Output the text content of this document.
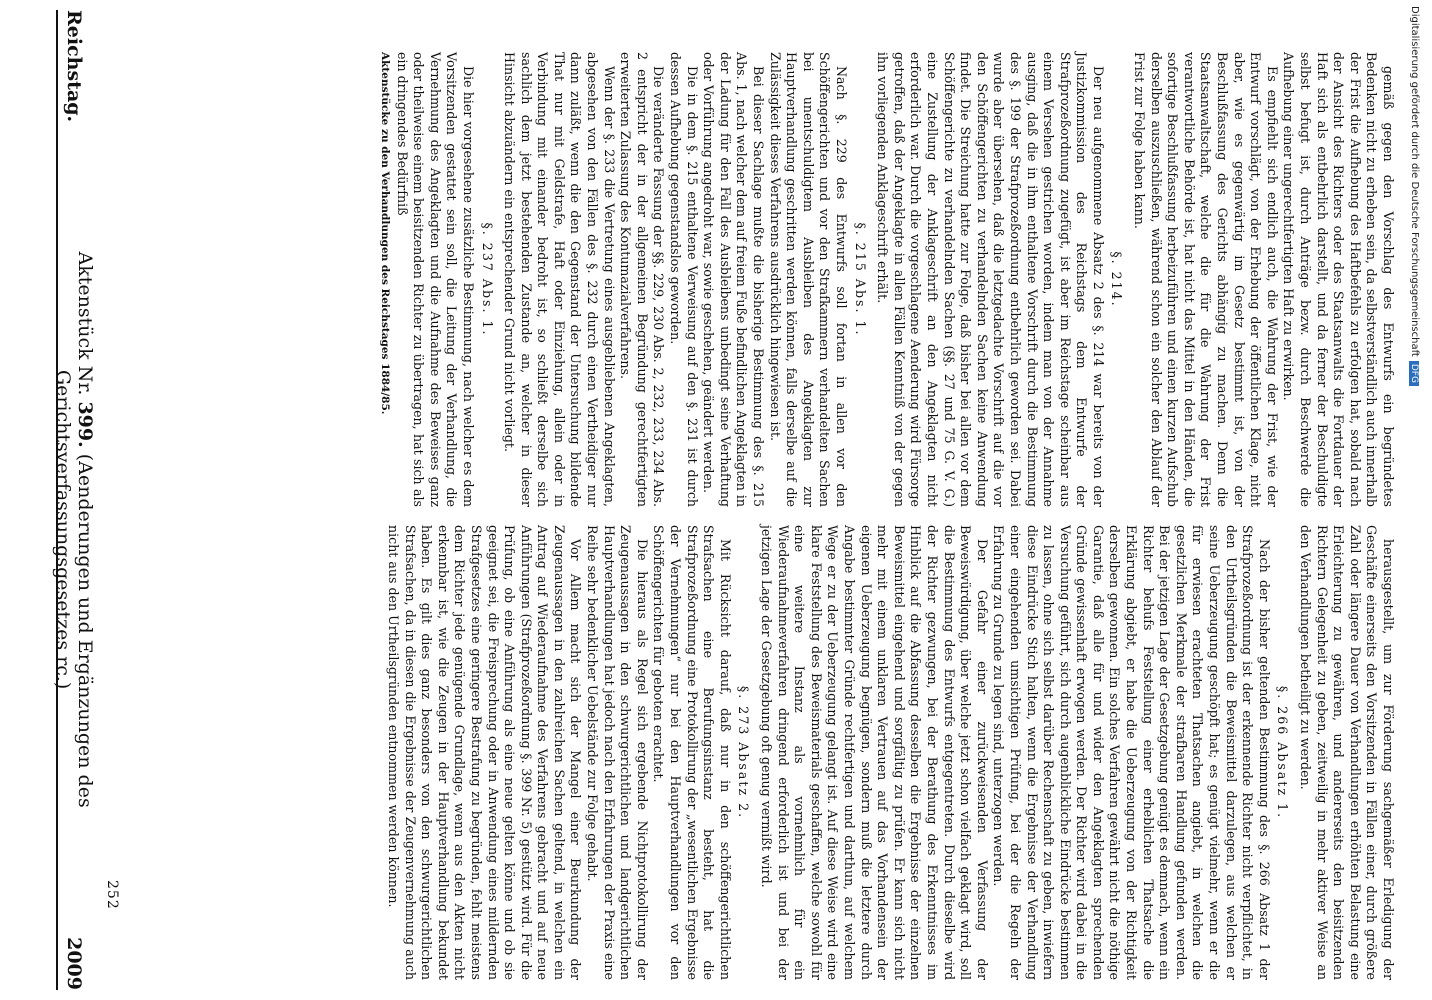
Digitalisierung gefördert durch die Deutsche ForschungsgemeinschaftDFG

gemäß gegen den Vorschlag des Entwurfs ein begründetes Bedenken nicht zu erheben sein, da selbstverständlich auch innerhalb der Frist die Aufhebung des Haftbefehls zu erfolgen hat, sobald nach der Ansicht des Richters oder des Staatsanwalts die Fortdauer der Haft sich als entbehrlich darstellt, und da ferner der Beschuldigte selbst befugt ist, durch Anträge bezw. durch Beschwerde die Aufhebung einer ungerechtfertigten Haft zu erwirken.

Es empfiehlt sich endlich auch, die Wahrung der Frist, wie der Entwurf vorschlägt, von der Erhebung der öffentlichen Klage, nicht aber, wie es gegenwärtig im Gesetz bestimmt ist, von der Beschlußfassung des Gerichts abhängig zu machen. Denn die Staatsanwaltschaft, welche die für die Wahrung der Frist verantwortliche Behörde ist, hat nicht das Mittel in den Händen, die sofortige Beschlußfassung herbeizuführen und einen kurzen Aufschub derselben auszuschließen, während schon ein solcher den Ablauf der Frist zur Folge haben kann.

§. 214.

Der neu aufgenommene Absatz 2 des §. 214 war bereits von der Justizkommission des Reichstags dem Entwurfe der Strafprozeßordnung zugefügt, ist aber im Reichstage scheinbar aus einem Versehen gestrichen worden, indem man von der Annahme ausging, daß die in ihm enthaltene Vorschrift durch die Bestimmung des §. 199 der Strafprozeßordnung entbehrlich geworden sei. Dabei wurde aber übersehen, daß die letztgedachte Vorschrift auf die vor den Schöffengerichten zu verhandelnden Sachen keine Anwendung findet. Die Streichung hatte zur Folge, daß bisher bei allen vor dem Schöffengerichte zu verhandelnden Sachen (§§. 27 und 75 G. V. G.) eine Zustellung der Anklageschrift an den Angeklagten nicht erforderlich war. Durch die vorgeschlagene Aenderung wird Fürsorge getroffen, daß der Angeklagte in allen Fällen Kenntniß von der gegen ihn vorliegenden Anklageschrift erhält.

§. 215 Abs. 1.

Nach §. 229 des Entwurfs soll fortan in allen vor den Schöffengerichten und vor den Strafkammern verhandelten Sachen bei unentschuldigtem Ausbleiben des Angeklagten zur Hauptverhandlung geschritten werden können, falls derselbe auf die Zulässigkeit dieses Verfahrens ausdrücklich hingewiesen ist.

Bei dieser Sachlage mußte die bisherige Bestimmung des §. 215 Abs. 1, nach welcher dem auf freiem Fuße befindlichen Angeklagten in der Ladung für den Fall des Ausbleibens unbedingt seine Verhaftung oder Vorführung angedroht war, sowie geschehen, geändert werden.

Die in dem §. 215 enthaltene Verweisung auf den §. 231 ist durch dessen Aufhebung gegenstandslos geworden.

Die veränderte Fassung der §§. 229, 230 Abs. 2, 232, 233, 234 Abs. 2 entspricht der in der allgemeinen Begründung gerechtfertigten erweiterten Zulassung des Kontumazialverfahrens.

Wenn der §. 233 die Vertretung eines ausgebliebenen Angeklagten, abgesehen von den Fällen des §. 232 durch einen Vertheidiger nur dann zuläßt, wenn die den Gegenstand der Untersuchung bildende That nur mit Geldstrafe, Haft oder Einziehung, allein oder in Verbindung mit einander bedroht ist, so schließt derselbe sich sachlich dem jetzt bestehenden Zustande an, welcher in dieser Hinsicht abzuändern ein entsprechender Grund nicht vorliegt.

§. 237 Abs. 1.

Die hier vorgesehene zusätzliche Bestimmung, nach welcher es dem Vorsitzenden gestattet sein soll, die Leitung der Verhandlung, die Vernehmung des Angeklagten und die Aufnahme des Beweises ganz oder theilweise einem beisitzenden Richter zu übertragen, hat sich als ein dringendes Bedürfniß

Aktenstücke zu den Verhandlungen des Reichstages 1884/85.

herausgestellt, um zur Förderung sachgemäßer Erledigung der Geschäfte einerseits den Vorsitzenden in Fällen einer, durch größere Zahl oder längere Dauer von Verhandlungen erhöhten Belastung eine Erleichterung zu gewähren, und andererseits den beisitzenden Richtern Gelegenheit zu geben, zeitweilig in mehr aktiver Weise an den Verhandlungen betheiligt zu werden.

§. 266 Absatz 1.

Nach der bisher geltenden Bestimmung des §. 266 Absatz 1 der Strafprozeßordnung ist der erkennende Richter nicht verpflichtet, in den Urtheilsgründen die Beweismittel darzulegen, aus welchen er seine Ueberzeugung geschöpft hat; es genügt vielmehr, wenn er die für erwiesen erachteten Thatsachen angiebt, in welchen die gesetzlichen Merkmale der strafbaren Handlung gefunden werden. Bei der jetzigen Lage der Gesetzgebung genügt es demnach, wenn ein Richter behufs Feststellung einer erheblichen Thatsache die Erklärung abgiebt, er habe die Ueberzeugung von der Richtigkeit derselben gewonnen. Ein solches Verfahren gewährt nicht die nöthige Garantie, daß alle für und wider den Angeklagten sprechenden Gründe gewissenhaft erwogen werden. Der Richter wird dabei in die Versuchung geführt, sich durch augenblickliche Eindrücke bestimmen zu lassen, ohne sich selbst darüber Rechenschaft zu geben, inwiefern diese Eindrücke Stich halten, wenn die Ergebnisse der Verhandlung einer eingehenden umsichtigen Prüfung, bei der die Regeln der Erfahrung zu Grunde zu legen sind, unterzogen werden.

Der Gefahr einer zurückweisenden Verfassung der Beweiswürdigung, über welche jetzt schon vielfach geklagt wird, soll die Bestimmung des Entwurfs entgegentreten. Durch dieselbe wird der Richter gezwungen, bei der Berathung des Erkenntnisses im Hinblick auf die Abfassung desselben die Ergebnisse der einzelnen Beweismittel eingehend und sorgfältig zu prüfen. Er kann sich nicht mehr mit einem unklaren Vertrauen auf das Vorhandensein der eigenen Ueberzeugung begnügen, sondern muß die letztere durch Angabe bestimmter Gründe rechtfertigen und darthun, auf welchem Wege er zu der Ueberzeugung gelangt ist. Auf diese Weise wird eine klare Feststellung des Beweismaterials geschaffen, welche sowohl für eine weitere Instanz als vornehmlich für ein Wiederaufnahmeverfahren dringend erforderlich ist und bei der jetzigen Lage der Gesetzgebung oft genug vermißt wird.

§. 273 Absatz 2.

Mit Rücksicht darauf, daß nur in den schöffengerichtlichen Strafsachen eine Berufungsinstanz besteht, hat die Strafprozeßordnung eine Protokollirung der „wesentlichen Ergebnisse der Vernehmungen“ nur bei den Hauptverhandlungen vor den Schöffengerichten für geboten erachtet.

Die hieraus als Regel sich ergebende Nichtprotokollirung der Zeugenaussagen in den schwurgerichtlichen und landgerichtlichen Hauptverhandlungen hat jedoch nach den Erfahrungen der Praxis eine Reihe sehr bedenklicher Uebelstände zur Folge gehabt.

Vor Allem macht sich der Mangel einer Beurkundung der Zeugenaussagen in den zahlreichen Sachen geltend, in welchen ein Antrag auf Wiederaufnahme des Verfahrens gebracht und auf neue Anführungen (Strafprozeßordnung §. 399 Nr. 5) gestützt wird. Für die Prüfung, ob eine Anführung als eine neue gelten könne und ob sie geeignet sei, die Freisprechung oder in Anwendung eines mildernden Strafgesetzes eine geringere Bestrafung zu begründen, fehlt meistens dem Richter jede genügende Grundlage, wenn aus den Akten nicht erkennbar ist, wie die Zeugen in der Hauptverhandlung bekundet haben. Es gilt dies ganz besonders von den schwurgerichtlichen Strafsachen, da in diesen die Ergebnisse der Zeugenvernehmung auch nicht aus den Urtheilsgründen entnommen werden können.

252
Reichstag.
Aktenstück Nr. 399. (Aenderungen und Ergänzungen des Gerichtsverfassungsgesetzes rc.)
2009
